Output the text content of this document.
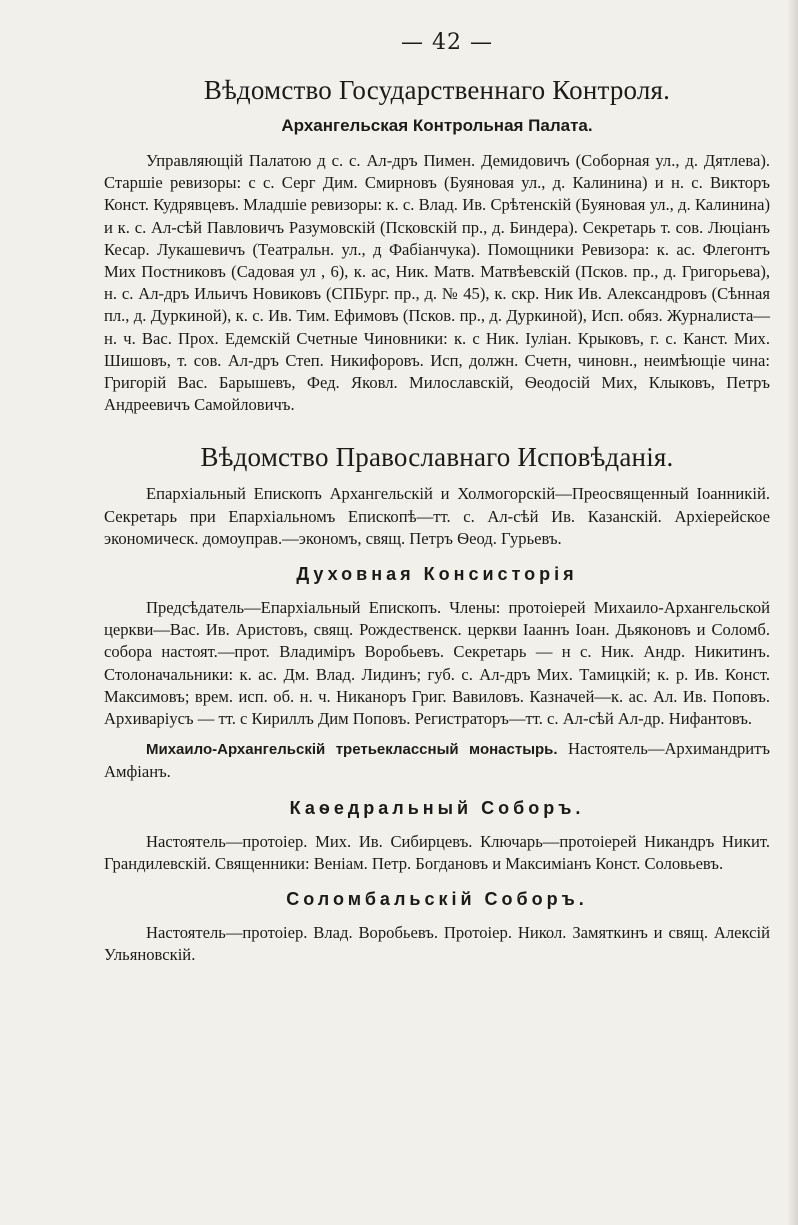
— 42 —
Вѣдомство Государственнаго Контроля.
Архангельская Контрольная Палата.

Управляющій Палатою д с. с. Ал-дръ Пимен. Демидовичъ (Соборная ул., д. Дятлева). Старшіе ревизоры: с с. Серг Дим. Смирновъ (Буяновая ул., д. Калинина) и н. с. Викторъ Конст. Кудрявцевъ. Младшіе ревизоры: к. с. Влад. Ив. Срѣтенскій (Буяновая ул., д. Калинина) и к. с. Ал-сѣй Павловичъ Разумовскій (Псковскій пр., д. Биндера). Секретарь т. сов. Люціанъ Кесар. Лукашевичъ (Театральн. ул., д Фабіанчука). Помощники Ревизора: к. ас. Флегонтъ Мих Постниковъ (Садовая ул , 6), к. ас, Ник. Матв. Матвѣевскій (Псков. пр., д. Григорьева), н. с. Ал-дръ Ильичъ Новиковъ (СПБург. пр., д. № 45), к. скр. Ник Ив. Александровъ (Сѣнная пл., д. Дуркиной), к. с. Ив. Тим. Ефимовъ (Псков. пр., д. Дуркиной), Исп. обяз. Журналиста—н. ч. Вас. Прох. Едемскій Счетные Чиновники: к. с Ник. Іуліан. Крыковъ, г. с. Канст. Мих. Шишовъ, т. сов. Ал-дръ Степ. Никифоровъ. Исп, должн. Счетн, чиновн., неимѣющіе чина: Григорій Вас. Барышевъ, Фед. Яковл. Милославскій, Ѳеодосій Мих, Клыковъ, Петръ Андреевичъ Самойловичъ.

Вѣдомство Православнаго Исповѣданія.

Епархіальный Епископъ Архангельскій и Холмогорскій—Преосвященный Іоанникій. Секретарь при Епархіальномъ Епископѣ—тт. с. Ал-сѣй Ив. Казанскій. Архіерейское экономическ. домоуправ.—экономъ, свящ. Петръ Ѳеод. Гурьевъ.

Духовная Консисторія

Предсѣдатель—Епархіальный Епископъ. Члены: протоіерей Михаило-Архангельской церкви—Вас. Ив. Аристовъ, свящ. Рождественск. церкви Іааннъ Іоан. Дьяконовъ и Соломб. собора настоят.—прот. Владиміръ Воробьевъ. Секретарь — н с. Ник. Андр. Никитинъ. Столоначальники: к. ас. Дм. Влад. Лидинъ; губ. с. Ал-дръ Мих. Тамицкій; к. р. Ив. Конст. Максимовъ; врем. исп. об. н. ч. Никаноръ Григ. Вавиловъ. Казначей—к. ас. Ал. Ив. Поповъ. Архиваріусъ — тт. с Кириллъ Дим Поповъ. Регистраторъ—тт. с. Ал-сѣй Ал-др. Нифантовъ.

Михаило-Архангельскій третьеклассный монастырь. Настоятель—Архимандритъ Амфіанъ.

Каѳедральный Соборъ.

Настоятель—протоіер. Мих. Ив. Сибирцевъ. Ключарь—протоіерей Никандръ Никит. Грандилевскій. Священники: Веніам. Петр. Богдановъ и Максиміанъ Конст. Соловьевъ.

Соломбальскій Соборъ.

Настоятель—протоіер. Влад. Воробьевъ. Протоіер. Никол. Замяткинъ и свящ. Алексій Ульяновскій.
